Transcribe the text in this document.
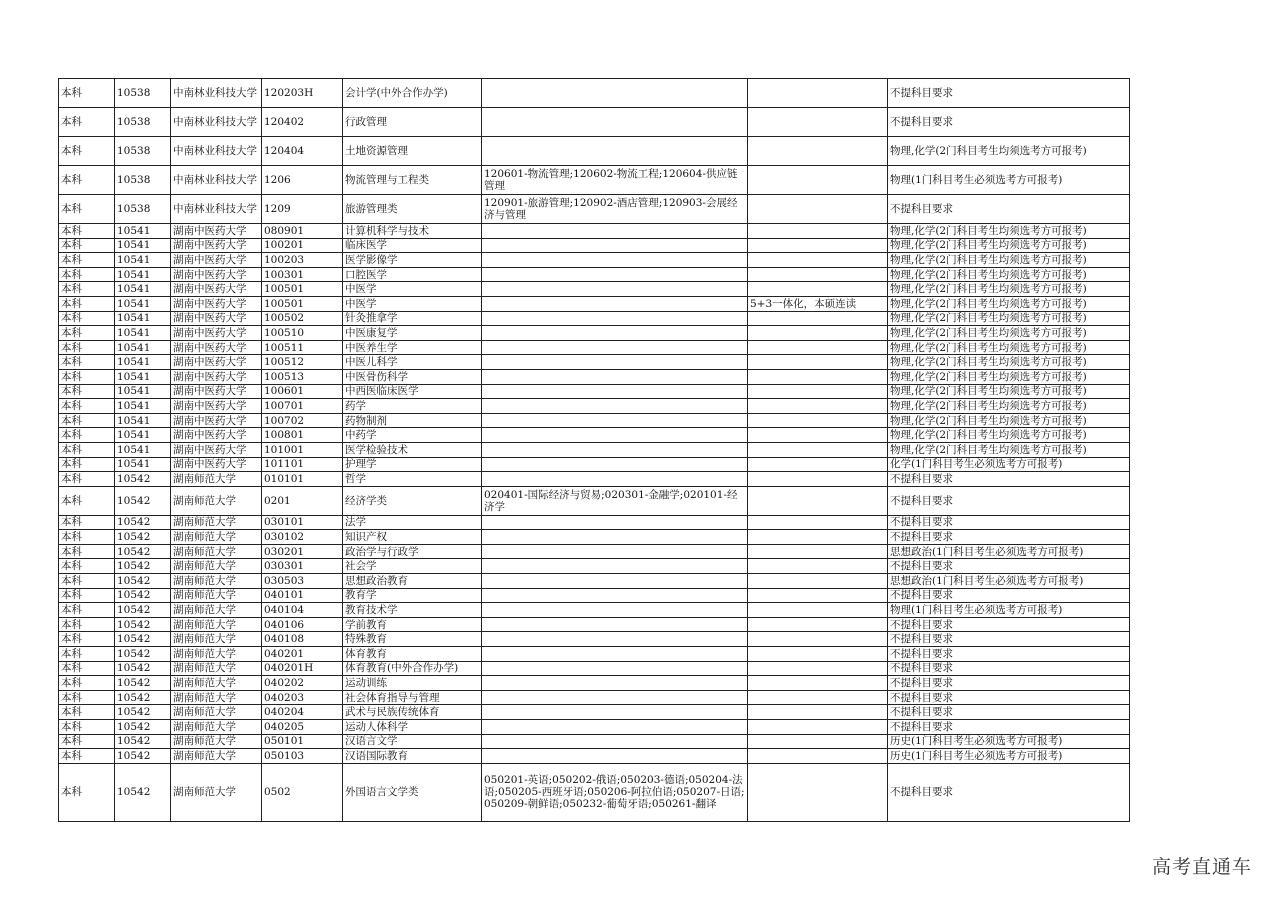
本科	10538	中南林业科技大学	120203H	会计学(中外合作办学)			不提科目要求
本科	10538	中南林业科技大学	120402	行政管理			不提科目要求
本科	10538	中南林业科技大学	120404	土地资源管理			物理,化学(2门科目考生均须选考方可报考)
本科	10538	中南林业科技大学	1206	物流管理与工程类	120601-物流管理;120602-物流工程;120604-供应链管理		物理(1门科目考生必须选考方可报考)
本科	10538	中南林业科技大学	1209	旅游管理类	120901-旅游管理;120902-酒店管理;120903-会展经济与管理		不提科目要求
本科	10541	湖南中医药大学	080901	计算机科学与技术			物理,化学(2门科目考生均须选考方可报考)
本科	10541	湖南中医药大学	100201	临床医学			物理,化学(2门科目考生均须选考方可报考)
本科	10541	湖南中医药大学	100203	医学影像学			物理,化学(2门科目考生均须选考方可报考)
本科	10541	湖南中医药大学	100301	口腔医学			物理,化学(2门科目考生均须选考方可报考)
本科	10541	湖南中医药大学	100501	中医学			物理,化学(2门科目考生均须选考方可报考)
本科	10541	湖南中医药大学	100501	中医学		5+3一体化，本硕连读	物理,化学(2门科目考生均须选考方可报考)
本科	10541	湖南中医药大学	100502	针灸推拿学			物理,化学(2门科目考生均须选考方可报考)
本科	10541	湖南中医药大学	100510	中医康复学			物理,化学(2门科目考生均须选考方可报考)
本科	10541	湖南中医药大学	100511	中医养生学			物理,化学(2门科目考生均须选考方可报考)
本科	10541	湖南中医药大学	100512	中医儿科学			物理,化学(2门科目考生均须选考方可报考)
本科	10541	湖南中医药大学	100513	中医骨伤科学			物理,化学(2门科目考生均须选考方可报考)
本科	10541	湖南中医药大学	100601	中西医临床医学			物理,化学(2门科目考生均须选考方可报考)
本科	10541	湖南中医药大学	100701	药学			物理,化学(2门科目考生均须选考方可报考)
本科	10541	湖南中医药大学	100702	药物制剂			物理,化学(2门科目考生均须选考方可报考)
本科	10541	湖南中医药大学	100801	中药学			物理,化学(2门科目考生均须选考方可报考)
本科	10541	湖南中医药大学	101001	医学检验技术			物理,化学(2门科目考生均须选考方可报考)
本科	10541	湖南中医药大学	101101	护理学			化学(1门科目考生必须选考方可报考)
本科	10542	湖南师范大学	010101	哲学			不提科目要求
本科	10542	湖南师范大学	0201	经济学类	020401-国际经济与贸易;020301-金融学;020101-经济学		不提科目要求
本科	10542	湖南师范大学	030101	法学			不提科目要求
本科	10542	湖南师范大学	030102	知识产权			不提科目要求
本科	10542	湖南师范大学	030201	政治学与行政学			思想政治(1门科目考生必须选考方可报考)
本科	10542	湖南师范大学	030301	社会学			不提科目要求
本科	10542	湖南师范大学	030503	思想政治教育			思想政治(1门科目考生必须选考方可报考)
本科	10542	湖南师范大学	040101	教育学			不提科目要求
本科	10542	湖南师范大学	040104	教育技术学			物理(1门科目考生必须选考方可报考)
本科	10542	湖南师范大学	040106	学前教育			不提科目要求
本科	10542	湖南师范大学	040108	特殊教育			不提科目要求
本科	10542	湖南师范大学	040201	体育教育			不提科目要求
本科	10542	湖南师范大学	040201H	体育教育(中外合作办学)			不提科目要求
本科	10542	湖南师范大学	040202	运动训练			不提科目要求
本科	10542	湖南师范大学	040203	社会体育指导与管理			不提科目要求
本科	10542	湖南师范大学	040204	武术与民族传统体育			不提科目要求
本科	10542	湖南师范大学	040205	运动人体科学			不提科目要求
本科	10542	湖南师范大学	050101	汉语言文学			历史(1门科目考生必须选考方可报考)
本科	10542	湖南师范大学	050103	汉语国际教育			历史(1门科目考生必须选考方可报考)
本科	10542	湖南师范大学	0502	外国语言文学类	050201-英语;050202-俄语;050203-德语;050204-法语;050205-西班牙语;050206-阿拉伯语;050207-日语;050209-朝鲜语;050232-葡萄牙语;050261-翻译		不提科目要求
高考直通车
